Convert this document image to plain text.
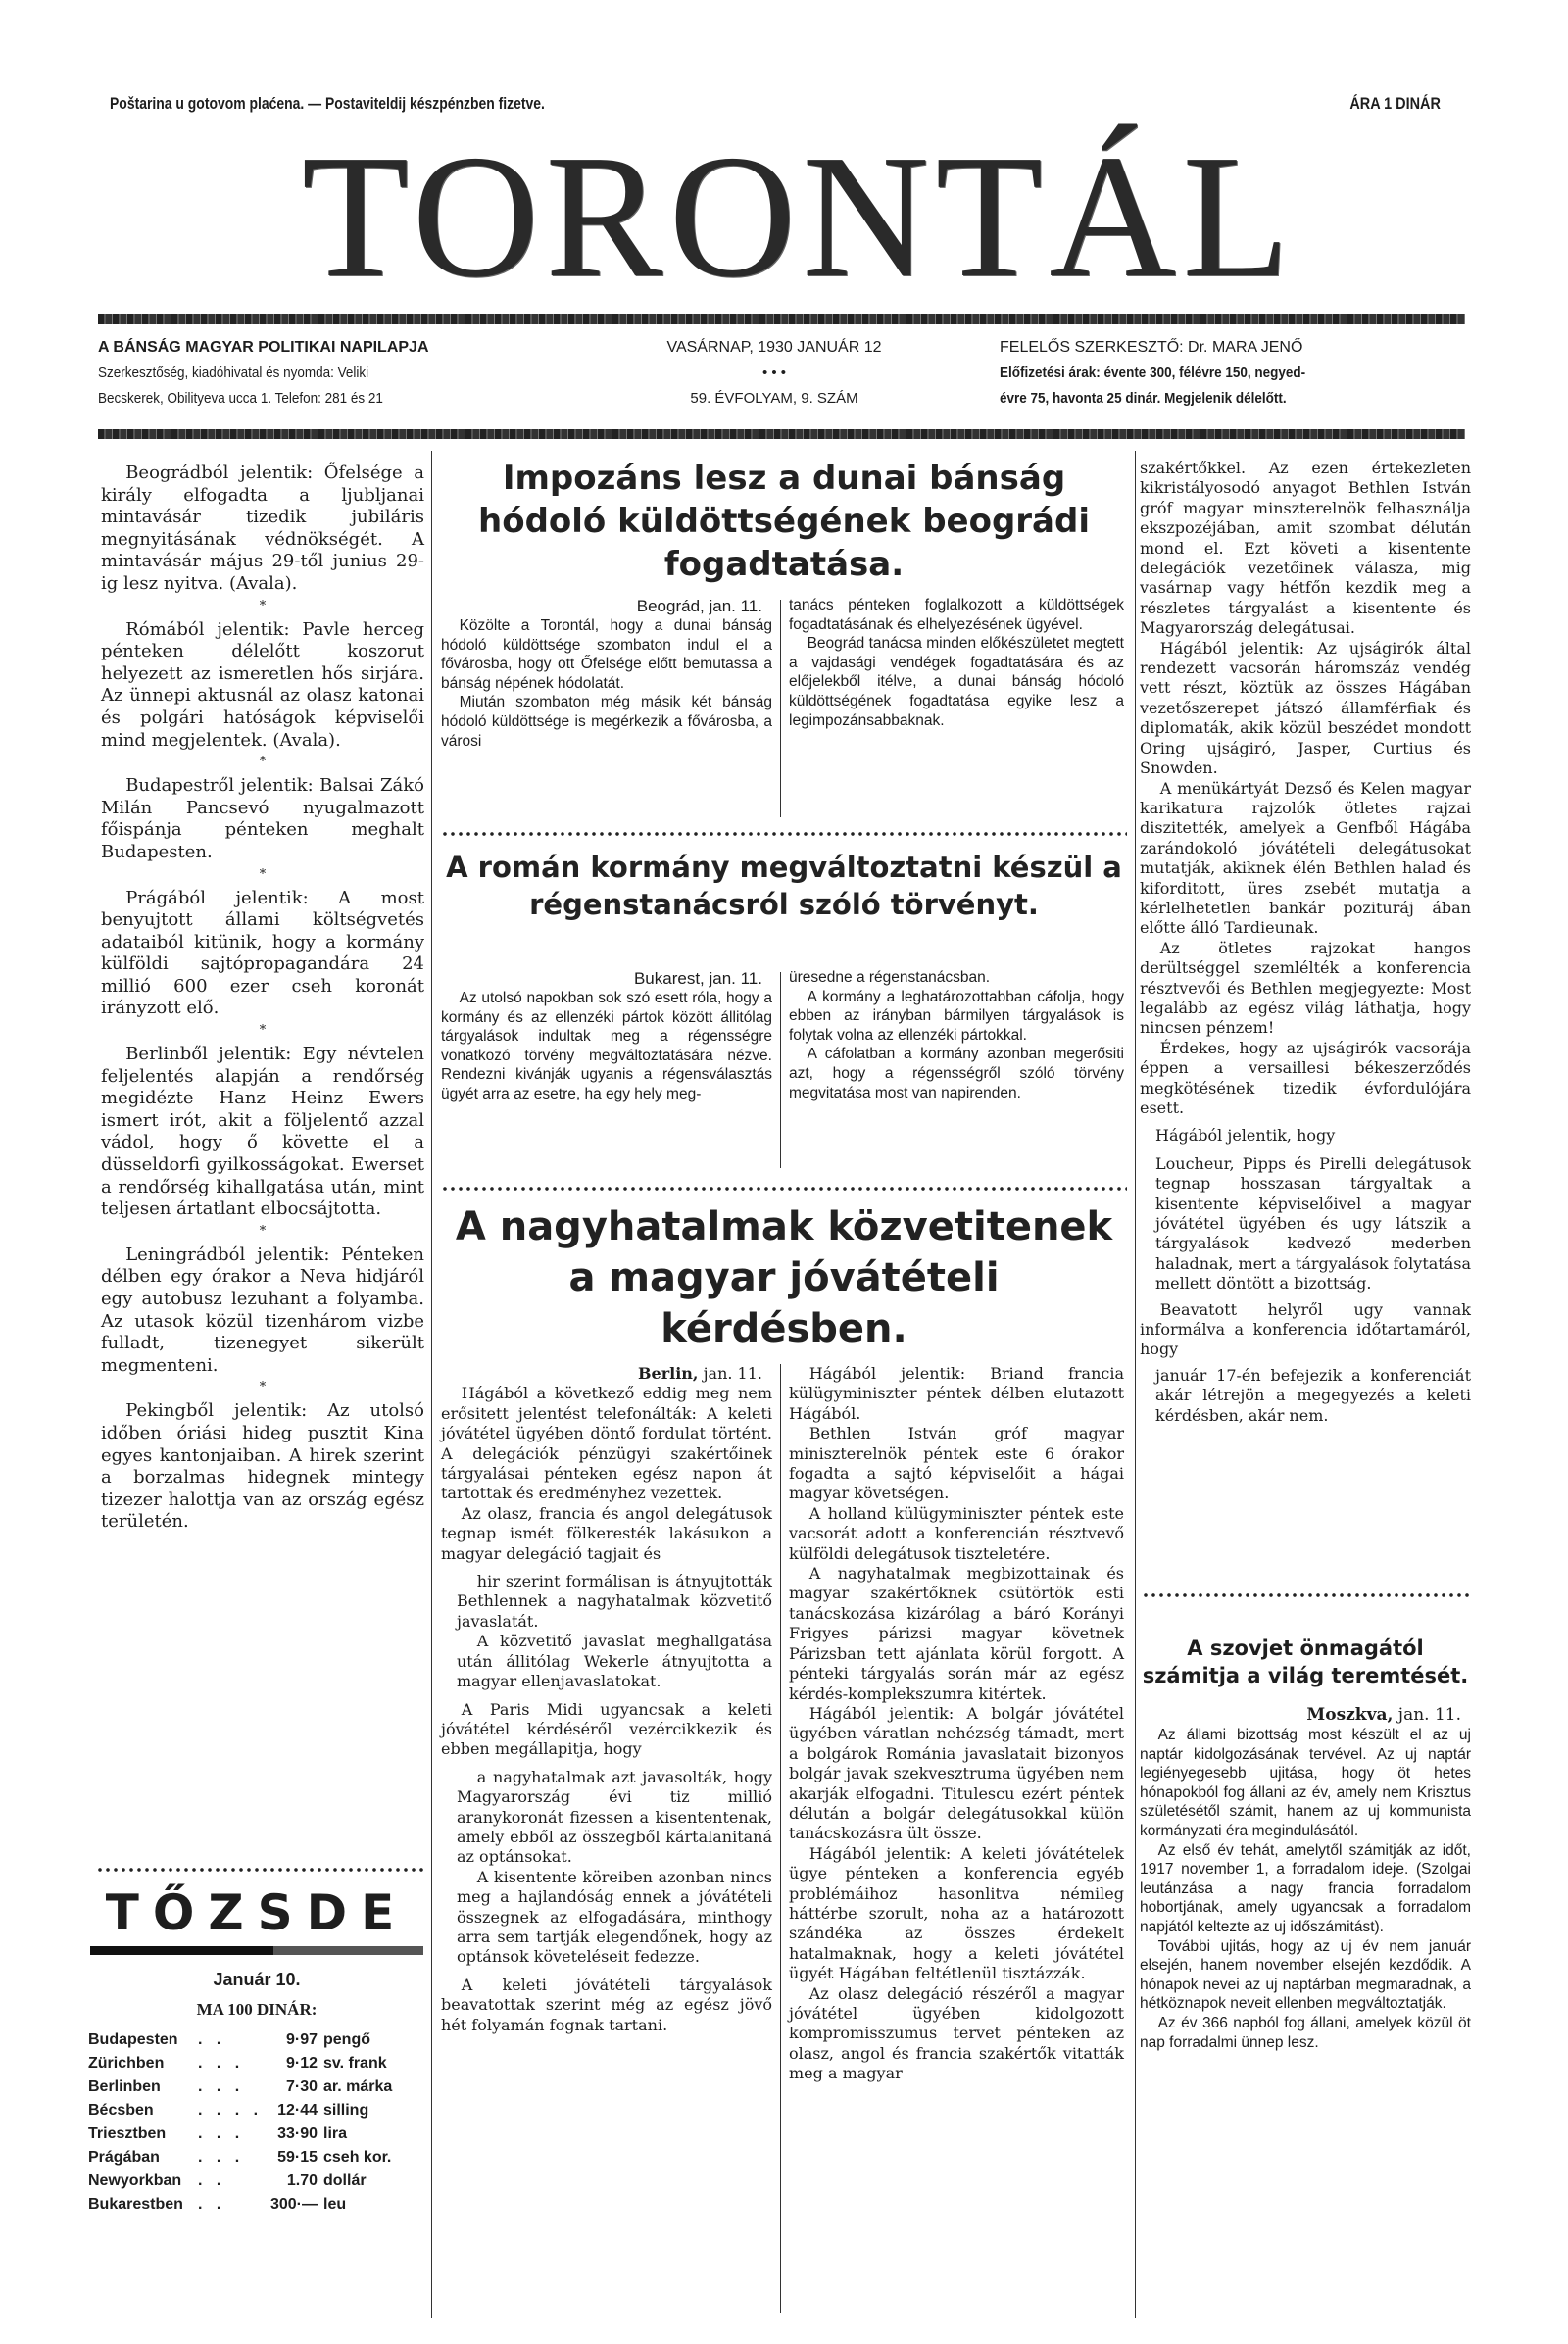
Poštarina u gotovom plaćena. — Postaviteldij készpénzben fizetve.	ÁRA 1 DINÁR
TORONTÁL
A BÁNSÁG MAGYAR POLITIKAI NAPILAPJA
Szerkesztőség, kiadóhivatal és nyomda: Veliki
Becskerek, Obilityeva ucca 1. Telefon: 281 és 21
VASÁRNAP, 1930 JANUÁR 12
• • •
59. ÉVFOLYAM, 9. SZÁM
FELELŐS SZERKESZTŐ: Dr. MARA JENŐ
Előfizetési árak: évente 300, félévre 150, negyed-
évre 75, havonta 25 dinár. Megjelenik délelőtt.

Beográdból jelentik: Őfelsége a király elfogadta a ljubljanai mintavásár tizedik jubiláris megnyitásának védnökségét. A mintavásár május 29-től junius 29-ig lesz nyitva. (Avala).

*

Rómából jelentik: Pavle herceg pénteken délelőtt koszorut helyezett az ismeretlen hős sirjára. Az ünnepi aktusnál az olasz katonai és polgári hatóságok képviselői mind megjelentek. (Avala).

*

Budapestről jelentik: Balsai Zákó Milán Pancsevó nyugalmazott főispánja pénteken meghalt Budapesten.

*

Prágából jelentik: A most benyujtott állami költségvetés adataiból kitünik, hogy a kormány külföldi sajtópropagandára 24 millió 600 ezer cseh koronát irányzott elő.

*

Berlinből jelentik: Egy névtelen feljelentés alapján a rendőrség megidézte Hanz Heinz Ewers ismert irót, akit a följelentő azzal vádol, hogy ő követte el a düsseldorfi gyilkosságokat. Ewerset a rendőrség kihallgatása után, mint teljesen ártatlant elbocsájtotta.

*

Leningrádból jelentik: Pénteken délben egy órakor a Neva hidjáról egy autobusz lezuhant a folyamba. Az utasok közül tizenhárom vizbe fulladt, tizenegyet sikerült megmenteni.

*

Pekingből jelentik: Az utolsó időben óriási hideg pusztit Kina egyes kantonjaiban. A hirek szerint a borzalmas hidegnek mintegy tizezer halottja van az ország egész területén.

TŐZSDE
Január 10.
MA 100 DINÁR:
Budapesten	. .	9·97	pengő
Zürichben	. . .	9·12	sv. frank
Berlinben	. . .	7·30	ar. márka
Bécsben	. . . .	12·44	silling
Triesztben	. . .	33·90	lira
Prágában	. . .	59·15	cseh kor.
Newyorkban	. .	1.70	dollár
Bukarestben	. .	300·—	leu
Impozáns lesz a dunai bánság hódoló küldöttségének beográdi fogadtatása.

Beográd, jan. 11.

Közölte a Torontál, hogy a dunai bánság hódoló küldöttsége szombaton indul el a fővárosba, hogy ott Őfelsége előtt bemutassa a bánság népének hódolatát.

Miután szombaton még másik két bánság hódoló küldöttsége is megérkezik a fővárosba, a városi

tanács pénteken foglalkozott a küldöttségek fogadtatásának és elhelyezésének ügyével.

Beográd tanácsa minden előkészületet megtett a vajdasági vendégek fogadtatására és az előjelekből itélve, a dunai bánság hódoló küldöttségének fogadtatása egyike lesz a legimpozánsabbaknak.

A román kormány megváltoztatni készül a régenstanácsról szóló törvényt.

Bukarest, jan. 11.

Az utolsó napokban sok szó esett róla, hogy a kormány és az ellenzéki pártok között állitólag tárgyalások indultak meg a régensségre vonatkozó törvény megváltoztatására nézve. Rendezni kivánják ugyanis a régensválasztás ügyét arra az esetre, ha egy hely meg-

üresedne a régenstanácsban.

A kormány a leghatározottabban cáfolja, hogy ebben az irányban bármilyen tárgyalások is folytak volna az ellenzéki pártokkal.

A cáfolatban a kormány azonban megerősiti azt, hogy a régensségről szóló törvény megvitatása most van napirenden.

A nagyhatalmak közvetitenek a magyar jóvátételi kérdésben.

Berlin, jan. 11.

Hágából a következő eddig meg nem erősitett jelentést telefonálták: A keleti jóvátétel ügyében döntő fordulat történt. A delegációk pénzügyi szakértőinek tárgyalásai pénteken egész napon át tartottak és eredményhez vezettek.

Az olasz, francia és angol delegátusok tegnap ismét fölkeresték lakásukon a magyar delegáció tagjait és

hir szerint formálisan is átnyujtották Bethlennek a nagyhatalmak közvetitő javaslatát.

A közvetitő javaslat meghallgatása után állitólag Wekerle átnyujtotta a magyar ellenjavaslatokat.

A Paris Midi ugyancsak a keleti jóvátétel kérdéséről vezércikkezik és ebben megállapitja, hogy

a nagyhatalmak azt javasolták, hogy Magyarország évi tiz millió aranykoronát fizessen a kisententenak, amely ebből az összegből kártalanitaná az optánsokat.

A kisentente köreiben azonban nincs meg a hajlandóság ennek a jóvátételi összegnek az elfogadására, minthogy arra sem tartják elegendőnek, hogy az optánsok követeléseit fedezze.

A keleti jóvátételi tárgyalások beavatottak szerint még az egész jövő hét folyamán fognak tartani.

Hágából jelentik: Briand francia külügyminiszter péntek délben elutazott Hágából.

Bethlen István gróf magyar miniszterelnök péntek este 6 órakor fogadta a sajtó képviselőit a hágai magyar követségen.

A holland külügyminiszter péntek este vacsorát adott a konferencián résztvevő külföldi delegátusok tiszteletére.

A nagyhatalmak megbizottainak és magyar szakértőknek csütörtök esti tanácskozása kizárólag a báró Korányi Frigyes párizsi magyar követnek Párizsban tett ajánlata körül forgott. A pénteki tárgyalás során már az egész kérdés-komplekszumra kitértek.

Hágából jelentik: A bolgár jóvátétel ügyében váratlan nehézség támadt, mert a bolgárok Románia javaslatait bizonyos bolgár javak szekvesztruma ügyében nem akarják elfogadni. Titulescu ezért péntek délután a bolgár delegátusokkal külön tanácskozásra ült össze.

Hágából jelentik: A keleti jóvátételek ügye pénteken a konferencia egyéb problémáihoz hasonlitva némileg háttérbe szorult, noha az a határozott szándéka az összes érdekelt hatalmaknak, hogy a keleti jóvátétel ügyét Hágában feltétlenül tisztázzák.

Az olasz delegáció részéről a magyar jóvátétel ügyében kidolgozott kompromisszumus tervet pénteken az olasz, angol és francia szakértők vitatták meg a magyar

szakértőkkel. Az ezen értekezleten kikristályosodó anyagot Bethlen István gróf magyar minszterelnök felhasználja ekszpozéjában, amit szombat délután mond el. Ezt követi a kisentente delegációk vezetőinek válasza, mig vasárnap vagy hétfőn kezdik meg a részletes tárgyalást a kisentente és Magyarország delegátusai.

Hágából jelentik: Az ujságirók által rendezett vacsorán háromszáz vendég vett részt, köztük az összes Hágában vezetőszerepet játszó államférfiak és diplomaták, akik közül beszédet mondott Oring ujságiró, Jasper, Curtius és Snowden.

A menükártyát Dezső és Kelen magyar karikatura rajzolók ötletes rajzai diszitették, amelyek a Genfből Hágába zarándokoló jóvátételi delegátusokat mutatják, akiknek élén Bethlen halad és kiforditott, üres zsebét mutatja a kérlelhetetlen bankár pozituráj ában előtte álló Tardieunak.

Az ötletes rajzokat hangos derültséggel szemlélték a konferencia résztvevői és Bethlen megjegyezte: Most legalább az egész világ láthatja, hogy nincsen pénzem!

Érdekes, hogy az ujságirók vacsorája éppen a versaillesi békeszerződés megkötésének tizedik évfordulójára esett.

Hágából jelentik, hogy

Loucheur, Pipps és Pirelli delegátusok tegnap hosszasan tárgyaltak a kisentente képviselőivel a magyar jóvátétel ügyében és ugy látszik a tárgyalások kedvező mederben haladnak, mert a tárgyalások folytatása mellett döntött a bizottság.

Beavatott helyről ugy vannak informálva a konferencia időtartamáról, hogy

január 17-én befejezik a konferenciát akár létrejön a megegyezés a keleti kérdésben, akár nem.

A szovjet önmagától számitja a világ teremtését.

Moszkva, jan. 11.

Az állami bizottság most készült el az uj naptár kidolgozásának tervével. Az uj naptár legiényegesebb ujitása, hogy öt hetes hónapokból fog állani az év, amely nem Krisztus születésétől számit, hanem az uj kommunista kormányzati éra megindulásától.

Az első év tehát, amelytől számitják az időt, 1917 november 1, a forradalom ideje. (Szolgai leutánzása a nagy francia forradalom hobortjának, amely ugyancsak a forradalom napjától keltezte az uj időszámitást).

További ujitás, hogy az uj év nem január elsején, hanem november elsején kezdődik. A hónapok nevei az uj naptárban megmaradnak, a hétköznapok neveit ellenben megváltoztatják.

Az év 366 napból fog állani, amelyek közül öt nap forradalmi ünnep lesz.
